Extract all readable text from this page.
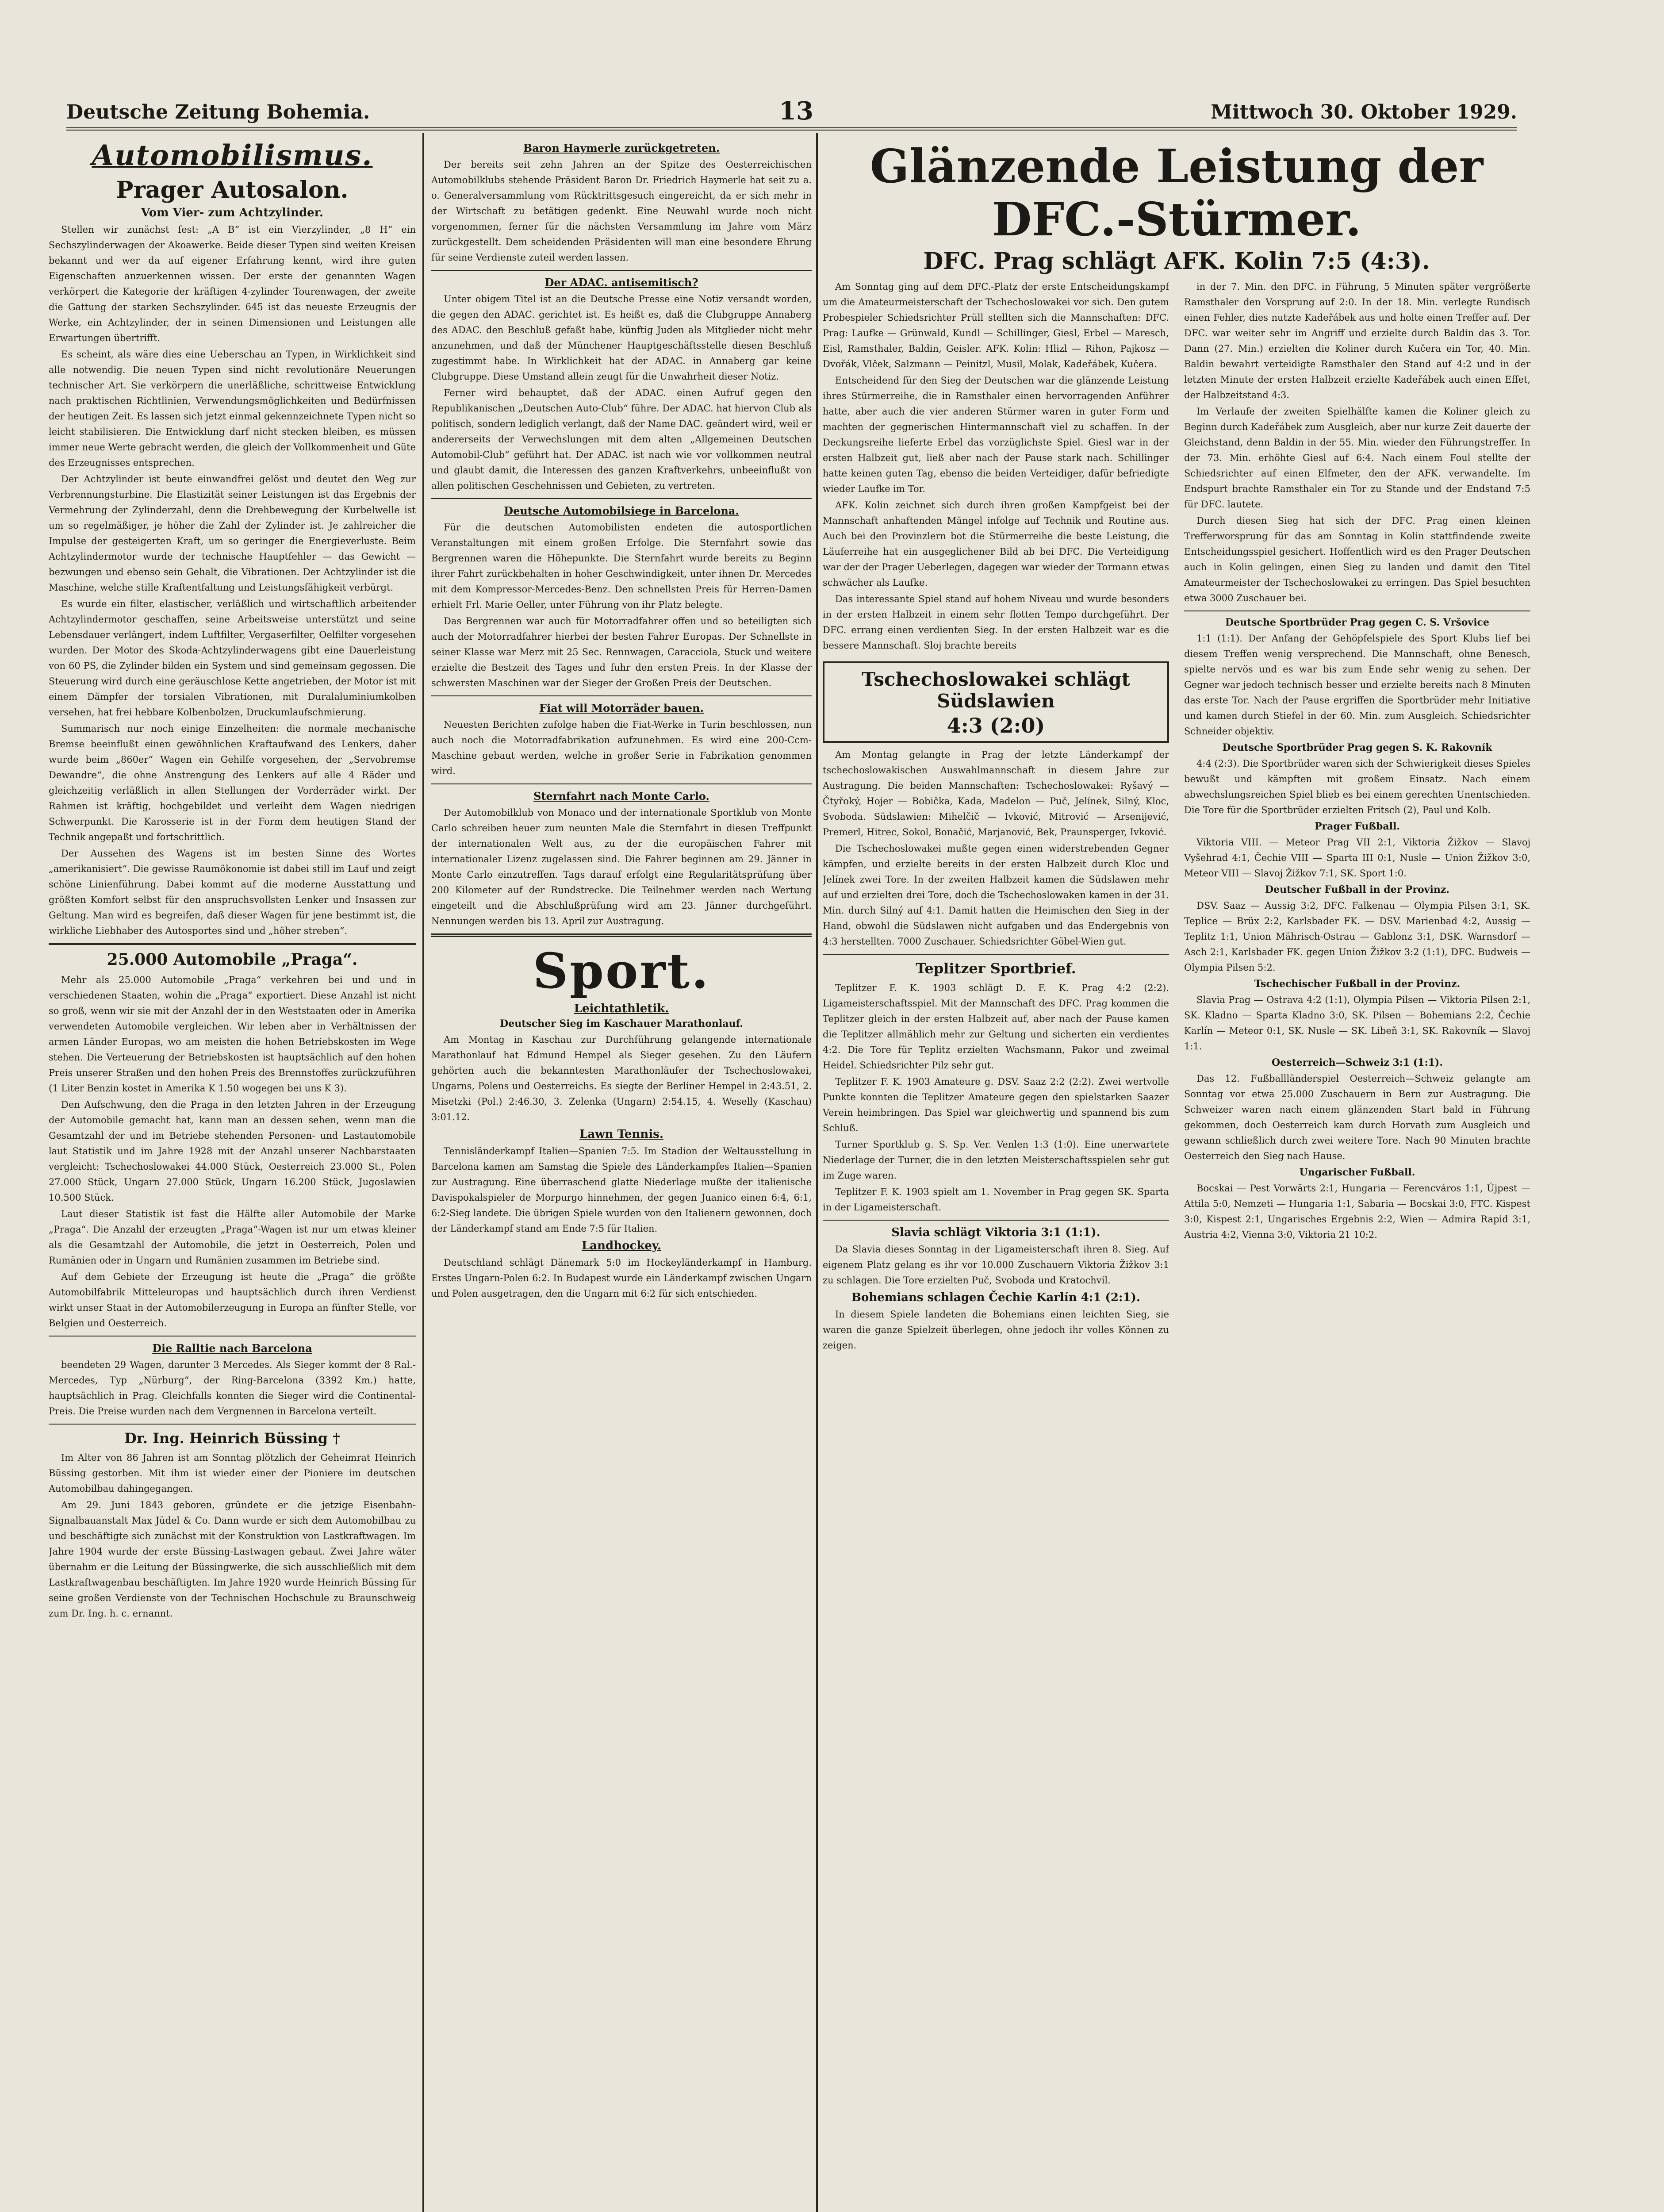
Deutsche Zeitung Bohemia.	13	Mittwoch 30. Oktober 1929.
Automobilismus.
Prager Autosalon.
Vom Vier- zum Achtzylinder.

Stellen wir zunächst fest: „A B“ ist ein Vierzylinder, „8 H“ ein Sechszylinderwagen der Akoawerke. Beide dieser Typen sind weiten Kreisen bekannt und wer da auf eigener Erfahrung kennt, wird ihre guten Eigenschaften anzuerkennen wissen. Der erste der genannten Wagen verkörpert die Kategorie der kräftigen 4-zylinder Tourenwagen, der zweite die Gattung der starken Sechszylinder. 645 ist das neueste Erzeugnis der Werke, ein Achtzylinder, der in seinen Dimensionen und Leistungen alle Erwartungen übertrifft.

Es scheint, als wäre dies eine Ueberschau an Typen, in Wirklichkeit sind alle notwendig. Die neuen Typen sind nicht revolutionäre Neuerungen technischer Art. Sie verkörpern die unerläßliche, schrittweise Entwicklung nach praktischen Richtlinien, Verwendungsmöglichkeiten und Bedürfnissen der heutigen Zeit. Es lassen sich jetzt einmal gekennzeichnete Typen nicht so leicht stabilisieren. Die Entwicklung darf nicht stecken bleiben, es müssen immer neue Werte gebracht werden, die gleich der Vollkommenheit und Güte des Erzeugnisses entsprechen.

Der Achtzylinder ist beute einwandfrei gelöst und deutet den Weg zur Verbrennungsturbine. Die Elastizität seiner Leistungen ist das Ergebnis der Vermehrung der Zylinderzahl, denn die Drehbewegung der Kurbelwelle ist um so regelmäßiger, je höher die Zahl der Zylinder ist. Je zahlreicher die Impulse der gesteigerten Kraft, um so geringer die Energieverluste. Beim Achtzylindermotor wurde der technische Hauptfehler — das Gewicht — bezwungen und ebenso sein Gehalt, die Vibrationen. Der Achtzylinder ist die Maschine, welche stille Kraftentfaltung und Leistungsfähigkeit verbürgt.

Es wurde ein filter, elastischer, verläßlich und wirtschaftlich arbeitender Achtzylindermotor geschaffen, seine Arbeitsweise unterstützt und seine Lebensdauer verlängert, indem Luftfilter, Vergaserfilter, Oelfilter vorgesehen wurden. Der Motor des Skoda-Achtzylinderwagens gibt eine Dauerleistung von 60 PS, die Zylinder bilden ein System und sind gemeinsam gegossen. Die Steuerung wird durch eine geräuschlose Kette angetrieben, der Motor ist mit einem Dämpfer der torsialen Vibrationen, mit Duralaluminiumkolben versehen, hat frei hebbare Kolbenbolzen, Druckumlaufschmierung.

Summarisch nur noch einige Einzelheiten: die normale mechanische Bremse beeinflußt einen gewöhnlichen Kraftaufwand des Lenkers, daher wurde beim „860er“ Wagen ein Gehilfe vorgesehen, der „Servobremse Dewandre“, die ohne Anstrengung des Lenkers auf alle 4 Räder und gleichzeitig verläßlich in allen Stellungen der Vorderräder wirkt. Der Rahmen ist kräftig, hochgebildet und verleiht dem Wagen niedrigen Schwerpunkt. Die Karosserie ist in der Form dem heutigen Stand der Technik angepaßt und fortschrittlich.

Der Aussehen des Wagens ist im besten Sinne des Wortes „amerikanisiert“. Die gewisse Raumökonomie ist dabei still im Lauf und zeigt schöne Linienführung. Dabei kommt auf die moderne Ausstattung und größten Komfort selbst für den anspruchsvollsten Lenker und Insassen zur Geltung. Man wird es begreifen, daß dieser Wagen für jene bestimmt ist, die wirkliche Liebhaber des Autosportes sind und „höher streben“.

25.000 Automobile „Praga“.

Mehr als 25.000 Automobile „Praga“ verkehren bei und und in verschiedenen Staaten, wohin die „Praga“ exportiert. Diese Anzahl ist nicht so groß, wenn wir sie mit der Anzahl der in den Weststaaten oder in Amerika verwendeten Automobile vergleichen. Wir leben aber in Verhältnissen der armen Länder Europas, wo am meisten die hohen Betriebskosten im Wege stehen. Die Verteuerung der Betriebskosten ist hauptsächlich auf den hohen Preis unserer Straßen und den hohen Preis des Brennstoffes zurückzuführen (1 Liter Benzin kostet in Amerika K 1.50 wogegen bei uns K 3).

Den Aufschwung, den die Praga in den letzten Jahren in der Erzeugung der Automobile gemacht hat, kann man an dessen sehen, wenn man die Gesamtzahl der und im Betriebe stehenden Personen- und Lastautomobile laut Statistik und im Jahre 1928 mit der Anzahl unserer Nachbarstaaten vergleicht: Tschechoslowakei 44.000 Stück, Oesterreich 23.000 St., Polen 27.000 Stück, Ungarn 27.000 Stück, Ungarn 16.200 Stück, Jugoslawien 10.500 Stück.

Laut dieser Statistik ist fast die Hälfte aller Automobile der Marke „Praga“. Die Anzahl der erzeugten „Praga“-Wagen ist nur um etwas kleiner als die Gesamtzahl der Automobile, die jetzt in Oesterreich, Polen und Rumänien oder in Ungarn und Rumänien zusammen im Betriebe sind.

Auf dem Gebiete der Erzeugung ist heute die „Praga“ die größte Automobilfabrik Mitteleuropas und hauptsächlich durch ihren Verdienst wirkt unser Staat in der Automobilerzeugung in Europa an fünfter Stelle, vor Belgien und Oesterreich.

Die Ralltie nach Barcelona

beendeten 29 Wagen, darunter 3 Mercedes. Als Sieger kommt der 8 Ral.-Mercedes, Typ „Nürburg“, der Ring-Barcelona (3392 Km.) hatte, hauptsächlich in Prag. Gleichfalls konnten die Sieger wird die Continental-Preis. Die Preise wurden nach dem Vergnennen in Barcelona verteilt.

Dr. Ing. Heinrich Büssing †

Im Alter von 86 Jahren ist am Sonntag plötzlich der Geheimrat Heinrich Büssing gestorben. Mit ihm ist wieder einer der Pioniere im deutschen Automobilbau dahingegangen.

Am 29. Juni 1843 geboren, gründete er die jetzige Eisenbahn-Signalbauanstalt Max Jüdel & Co. Dann wurde er sich dem Automobilbau zu und beschäftigte sich zunächst mit der Konstruktion von Lastkraftwagen. Im Jahre 1904 wurde der erste Büssing-Lastwagen gebaut. Zwei Jahre wäter übernahm er die Leitung der Büssingwerke, die sich ausschließlich mit dem Lastkraftwagenbau beschäftigten. Im Jahre 1920 wurde Heinrich Büssing für seine großen Verdienste von der Technischen Hochschule zu Braunschweig zum Dr. Ing. h. c. ernannt.

Baron Haymerle zurückgetreten.

Der bereits seit zehn Jahren an der Spitze des Oesterreichischen Automobilklubs stehende Präsident Baron Dr. Friedrich Haymerle hat seit zu a. o. Generalversammlung vom Rücktrittsgesuch eingereicht, da er sich mehr in der Wirtschaft zu betätigen gedenkt. Eine Neuwahl wurde noch nicht vorgenommen, ferner für die nächsten Versammlung im Jahre vom März zurückgestellt. Dem scheidenden Präsidenten will man eine besondere Ehrung für seine Verdienste zuteil werden lassen.

Der ADAC. antisemitisch?

Unter obigem Titel ist an die Deutsche Presse eine Notiz versandt worden, die gegen den ADAC. gerichtet ist. Es heißt es, daß die Clubgruppe Annaberg des ADAC. den Beschluß gefaßt habe, künftig Juden als Mitglieder nicht mehr anzunehmen, und daß der Münchener Hauptgeschäftsstelle diesen Beschluß zugestimmt habe. In Wirklichkeit hat der ADAC. in Annaberg gar keine Clubgruppe. Diese Umstand allein zeugt für die Unwahrheit dieser Notiz.

Ferner wird behauptet, daß der ADAC. einen Aufruf gegen den Republikanischen „Deutschen Auto-Club“ führe. Der ADAC. hat hiervon Club als politisch, sondern lediglich verlangt, daß der Name DAC. geändert wird, weil er andererseits der Verwechslungen mit dem alten „Allgemeinen Deutschen Automobil-Club“ geführt hat. Der ADAC. ist nach wie vor vollkommen neutral und glaubt damit, die Interessen des ganzen Kraftverkehrs, unbeeinflußt von allen politischen Geschehnissen und Gebieten, zu vertreten.

Deutsche Automobilsiege in Barcelona.

Für die deutschen Automobilisten endeten die autosportlichen Veranstaltungen mit einem großen Erfolge. Die Sternfahrt sowie das Bergrennen waren die Höhepunkte. Die Sternfahrt wurde bereits zu Beginn ihrer Fahrt zurückbehalten in hoher Geschwindigkeit, unter ihnen Dr. Mercedes mit dem Kompressor-Mercedes-Benz. Den schnellsten Preis für Herren-Damen erhielt Frl. Marie Oeller, unter Führung von ihr Platz belegte.

Das Bergrennen war auch für Motorradfahrer offen und so beteiligten sich auch der Motorradfahrer hierbei der besten Fahrer Europas. Der Schnellste in seiner Klasse war Merz mit 25 Sec. Rennwagen, Caracciola, Stuck und weitere erzielte die Bestzeit des Tages und fuhr den ersten Preis. In der Klasse der schwersten Maschinen war der Sieger der Großen Preis der Deutschen.

Fiat will Motorräder bauen.

Neuesten Berichten zufolge haben die Fiat-Werke in Turin beschlossen, nun auch noch die Motorradfabrikation aufzunehmen. Es wird eine 200-Ccm-Maschine gebaut werden, welche in großer Serie in Fabrikation genommen wird.

Sternfahrt nach Monte Carlo.

Der Automobilklub von Monaco und der internationale Sportklub von Monte Carlo schreiben heuer zum neunten Male die Sternfahrt in diesen Treffpunkt der internationalen Welt aus, zu der die europäischen Fahrer mit internationaler Lizenz zugelassen sind. Die Fahrer beginnen am 29. Jänner in Monte Carlo einzutreffen. Tags darauf erfolgt eine Regularitätsprüfung über 200 Kilometer auf der Rundstrecke. Die Teilnehmer werden nach Wertung eingeteilt und die Abschlußprüfung wird am 23. Jänner durchgeführt. Nennungen werden bis 13. April zur Austragung.

Sport.
Leichtathletik.
Deutscher Sieg im Kaschauer Marathonlauf.

Am Montag in Kaschau zur Durchführung gelangende internationale Marathonlauf hat Edmund Hempel als Sieger gesehen. Zu den Läufern gehörten auch die bekanntesten Marathonläufer der Tschechoslowakei, Ungarns, Polens und Oesterreichs. Es siegte der Berliner Hempel in 2:43.51, 2. Misetzki (Pol.) 2:46.30, 3. Zelenka (Ungarn) 2:54.15, 4. Weselly (Kaschau) 3:01.12.

Lawn Tennis.

Tennisländerkampf Italien—Spanien 7:5. Im Stadion der Weltausstellung in Barcelona kamen am Samstag die Spiele des Länderkampfes Italien—Spanien zur Austragung. Eine überraschend glatte Niederlage mußte der italienische Davispokalspieler de Morpurgo hinnehmen, der gegen Juanico einen 6:4, 6:1, 6:2-Sieg landete. Die übrigen Spiele wurden von den Italienern gewonnen, doch der Länderkampf stand am Ende 7:5 für Italien.

Landhockey.

Deutschland schlägt Dänemark 5:0 im Hockeyländerkampf in Hamburg. Erstes Ungarn-Polen 6:2. In Budapest wurde ein Länderkampf zwischen Ungarn und Polen ausgetragen, den die Ungarn mit 6:2 für sich entschieden.

Glänzende Leistung der DFC.-Stürmer.
DFC. Prag schlägt AFK. Kolin 7:5 (4:3).

Am Sonntag ging auf dem DFC.-Platz der erste Entscheidungskampf um die Amateurmeisterschaft der Tschechoslowakei vor sich. Den gutem Probespieler Schiedsrichter Prüll stellten sich die Mannschaften: DFC. Prag: Laufke — Grünwald, Kundl — Schillinger, Giesl, Erbel — Maresch, Eisl, Ramsthaler, Baldin, Geisler. AFK. Kolin: Hlizl — Rihon, Pajkosz — Dvořák, Vlček, Salzmann — Peinitzl, Musil, Molak, Kadeřábek, Kučera.

Entscheidend für den Sieg der Deutschen war die glänzende Leistung ihres Stürmerreihe, die in Ramsthaler einen hervorragenden Anführer hatte, aber auch die vier anderen Stürmer waren in guter Form und machten der gegnerischen Hintermannschaft viel zu schaffen. In der Deckungsreihe lieferte Erbel das vorzüglichste Spiel. Giesl war in der ersten Halbzeit gut, ließ aber nach der Pause stark nach. Schillinger hatte keinen guten Tag, ebenso die beiden Verteidiger, dafür befriedigte wieder Laufke im Tor.

AFK. Kolin zeichnet sich durch ihren großen Kampfgeist bei der Mannschaft anhaftenden Mängel infolge auf Technik und Routine aus. Auch bei den Provinzlern bot die Stürmerreihe die beste Leistung, die Läuferreihe hat ein ausgeglichener Bild ab bei DFC. Die Verteidigung war der der Prager Ueberlegen, dagegen war wieder der Tormann etwas schwächer als Laufke.

Das interessante Spiel stand auf hohem Niveau und wurde besonders in der ersten Halbzeit in einem sehr flotten Tempo durchgeführt. Der DFC. errang einen verdienten Sieg. In der ersten Halbzeit war es die bessere Mannschaft. Sloj brachte bereits

Tschechoslowakei schlägt Südslawien
4:3 (2:0)

Am Montag gelangte in Prag der letzte Länderkampf der tschechoslowakischen Auswahlmannschaft in diesem Jahre zur Austragung. Die beiden Mannschaften: Tschechoslowakei: Ryšavý — Čtyřoký, Hojer — Bobička, Kada, Madelon — Puč, Jelínek, Silný, Kloc, Svoboda. Südslawien: Mihelčič — Ivković, Mitrović — Arsenijević, Premerl, Hitrec, Sokol, Bonačić, Marjanović, Bek, Praunsperger, Ivković.

Die Tschechoslowakei mußte gegen einen widerstrebenden Gegner kämpfen, und erzielte bereits in der ersten Halbzeit durch Kloc und Jelínek zwei Tore. In der zweiten Halbzeit kamen die Südslawen mehr auf und erzielten drei Tore, doch die Tschechoslowaken kamen in der 31. Min. durch Silný auf 4:1. Damit hatten die Heimischen den Sieg in der Hand, obwohl die Südslawen nicht aufgaben und das Endergebnis von 4:3 herstellten. 7000 Zuschauer. Schiedsrichter Göbel-Wien gut.

Teplitzer Sportbrief.

Teplitzer F. K. 1903 schlägt D. F. K. Prag 4:2 (2:2). Ligameisterschaftsspiel. Mit der Mannschaft des DFC. Prag kommen die Teplitzer gleich in der ersten Halbzeit auf, aber nach der Pause kamen die Teplitzer allmählich mehr zur Geltung und sicherten ein verdientes 4:2. Die Tore für Teplitz erzielten Wachsmann, Pakor und zweimal Heidel. Schiedsrichter Pilz sehr gut.

Teplitzer F. K. 1903 Amateure g. DSV. Saaz 2:2 (2:2). Zwei wertvolle Punkte konnten die Teplitzer Amateure gegen den spielstarken Saazer Verein heimbringen. Das Spiel war gleichwertig und spannend bis zum Schluß.

Turner Sportklub g. S. Sp. Ver. Venlen 1:3 (1:0). Eine unerwartete Niederlage der Turner, die in den letzten Meisterschaftsspielen sehr gut im Zuge waren.

Teplitzer F. K. 1903 spielt am 1. November in Prag gegen SK. Sparta in der Ligameisterschaft.

Slavia schlägt Viktoria 3:1 (1:1).

Da Slavia dieses Sonntag in der Ligameisterschaft ihren 8. Sieg. Auf eigenem Platz gelang es ihr vor 10.000 Zuschauern Viktoria Žižkov 3:1 zu schlagen. Die Tore erzielten Puč, Svoboda und Kratochvíl.

Bohemians schlagen Čechie Karlín 4:1 (2:1).

In diesem Spiele landeten die Bohemians einen leichten Sieg, sie waren die ganze Spielzeit überlegen, ohne jedoch ihr volles Können zu zeigen.

in der 7. Min. den DFC. in Führung, 5 Minuten später vergrößerte Ramsthaler den Vorsprung auf 2:0. In der 18. Min. verlegte Rundisch einen Fehler, dies nutzte Kadeřábek aus und holte einen Treffer auf. Der DFC. war weiter sehr im Angriff und erzielte durch Baldin das 3. Tor. Dann (27. Min.) erzielten die Koliner durch Kučera ein Tor, 40. Min. Baldin bewahrt verteidigte Ramsthaler den Stand auf 4:2 und in der letzten Minute der ersten Halbzeit erzielte Kadeřábek auch einen Effet, der Halbzeitstand 4:3.

Im Verlaufe der zweiten Spielhälfte kamen die Koliner gleich zu Beginn durch Kadeřábek zum Ausgleich, aber nur kurze Zeit dauerte der Gleichstand, denn Baldin in der 55. Min. wieder den Führungstreffer. In der 73. Min. erhöhte Giesl auf 6:4. Nach einem Foul stellte der Schiedsrichter auf einen Elfmeter, den der AFK. verwandelte. Im Endspurt brachte Ramsthaler ein Tor zu Stande und der Endstand 7:5 für DFC. lautete.

Durch diesen Sieg hat sich der DFC. Prag einen kleinen Trefferworsprung für das am Sonntag in Kolin stattfindende zweite Entscheidungsspiel gesichert. Hoffentlich wird es den Prager Deutschen auch in Kolin gelingen, einen Sieg zu landen und damit den Titel Amateurmeister der Tschechoslowakei zu erringen. Das Spiel besuchten etwa 3000 Zuschauer bei.

Deutsche Sportbrüder Prag gegen C. S. Vršovice

1:1 (1:1). Der Anfang der Gehöpfelspiele des Sport Klubs lief bei diesem Treffen wenig versprechend. Die Mannschaft, ohne Benesch, spielte nervös und es war bis zum Ende sehr wenig zu sehen. Der Gegner war jedoch technisch besser und erzielte bereits nach 8 Minuten das erste Tor. Nach der Pause ergriffen die Sportbrüder mehr Initiative und kamen durch Stiefel in der 60. Min. zum Ausgleich. Schiedsrichter Schneider objektiv.

Deutsche Sportbrüder Prag gegen S. K. Rakovník

4:4 (2:3). Die Sportbrüder waren sich der Schwierigkeit dieses Spieles bewußt und kämpften mit großem Einsatz. Nach einem abwechslungsreichen Spiel blieb es bei einem gerechten Unentschieden. Die Tore für die Sportbrüder erzielten Fritsch (2), Paul und Kolb.

Prager Fußball.

Viktoria VIII. — Meteor Prag VII 2:1, Viktoria Žižkov — Slavoj Vyšehrad 4:1, Čechie VIII — Sparta III 0:1, Nusle — Union Žižkov 3:0, Meteor VIII — Slavoj Žižkov 7:1, SK. Sport 1:0.

Deutscher Fußball in der Provinz.

DSV. Saaz — Aussig 3:2, DFC. Falkenau — Olympia Pilsen 3:1, SK. Teplice — Brüx 2:2, Karlsbader FK. — DSV. Marienbad 4:2, Aussig — Teplitz 1:1, Union Mährisch-Ostrau — Gablonz 3:1, DSK. Warnsdorf — Asch 2:1, Karlsbader FK. gegen Union Žižkov 3:2 (1:1), DFC. Budweis — Olympia Pilsen 5:2.

Tschechischer Fußball in der Provinz.

Slavia Prag — Ostrava 4:2 (1:1), Olympia Pilsen — Viktoria Pilsen 2:1, SK. Kladno — Sparta Kladno 3:0, SK. Pilsen — Bohemians 2:2, Čechie Karlín — Meteor 0:1, SK. Nusle — SK. Libeň 3:1, SK. Rakovník — Slavoj 1:1.

Oesterreich—Schweiz 3:1 (1:1).

Das 12. Fußballländerspiel Oesterreich—Schweiz gelangte am Sonntag vor etwa 25.000 Zuschauern in Bern zur Austragung. Die Schweizer waren nach einem glänzenden Start bald in Führung gekommen, doch Oesterreich kam durch Horvath zum Ausgleich und gewann schließlich durch zwei weitere Tore. Nach 90 Minuten brachte Oesterreich den Sieg nach Hause.

Ungarischer Fußball.

Bocskai — Pest Vorwärts 2:1, Hungaria — Ferencváros 1:1, Újpest — Attila 5:0, Nemzeti — Hungaria 1:1, Sabaria — Bocskai 3:0, FTC. Kispest 3:0, Kispest 2:1, Ungarisches Ergebnis 2:2, Wien — Admira Rapid 3:1, Austria 4:2, Vienna 3:0, Viktoria 21 10:2.
